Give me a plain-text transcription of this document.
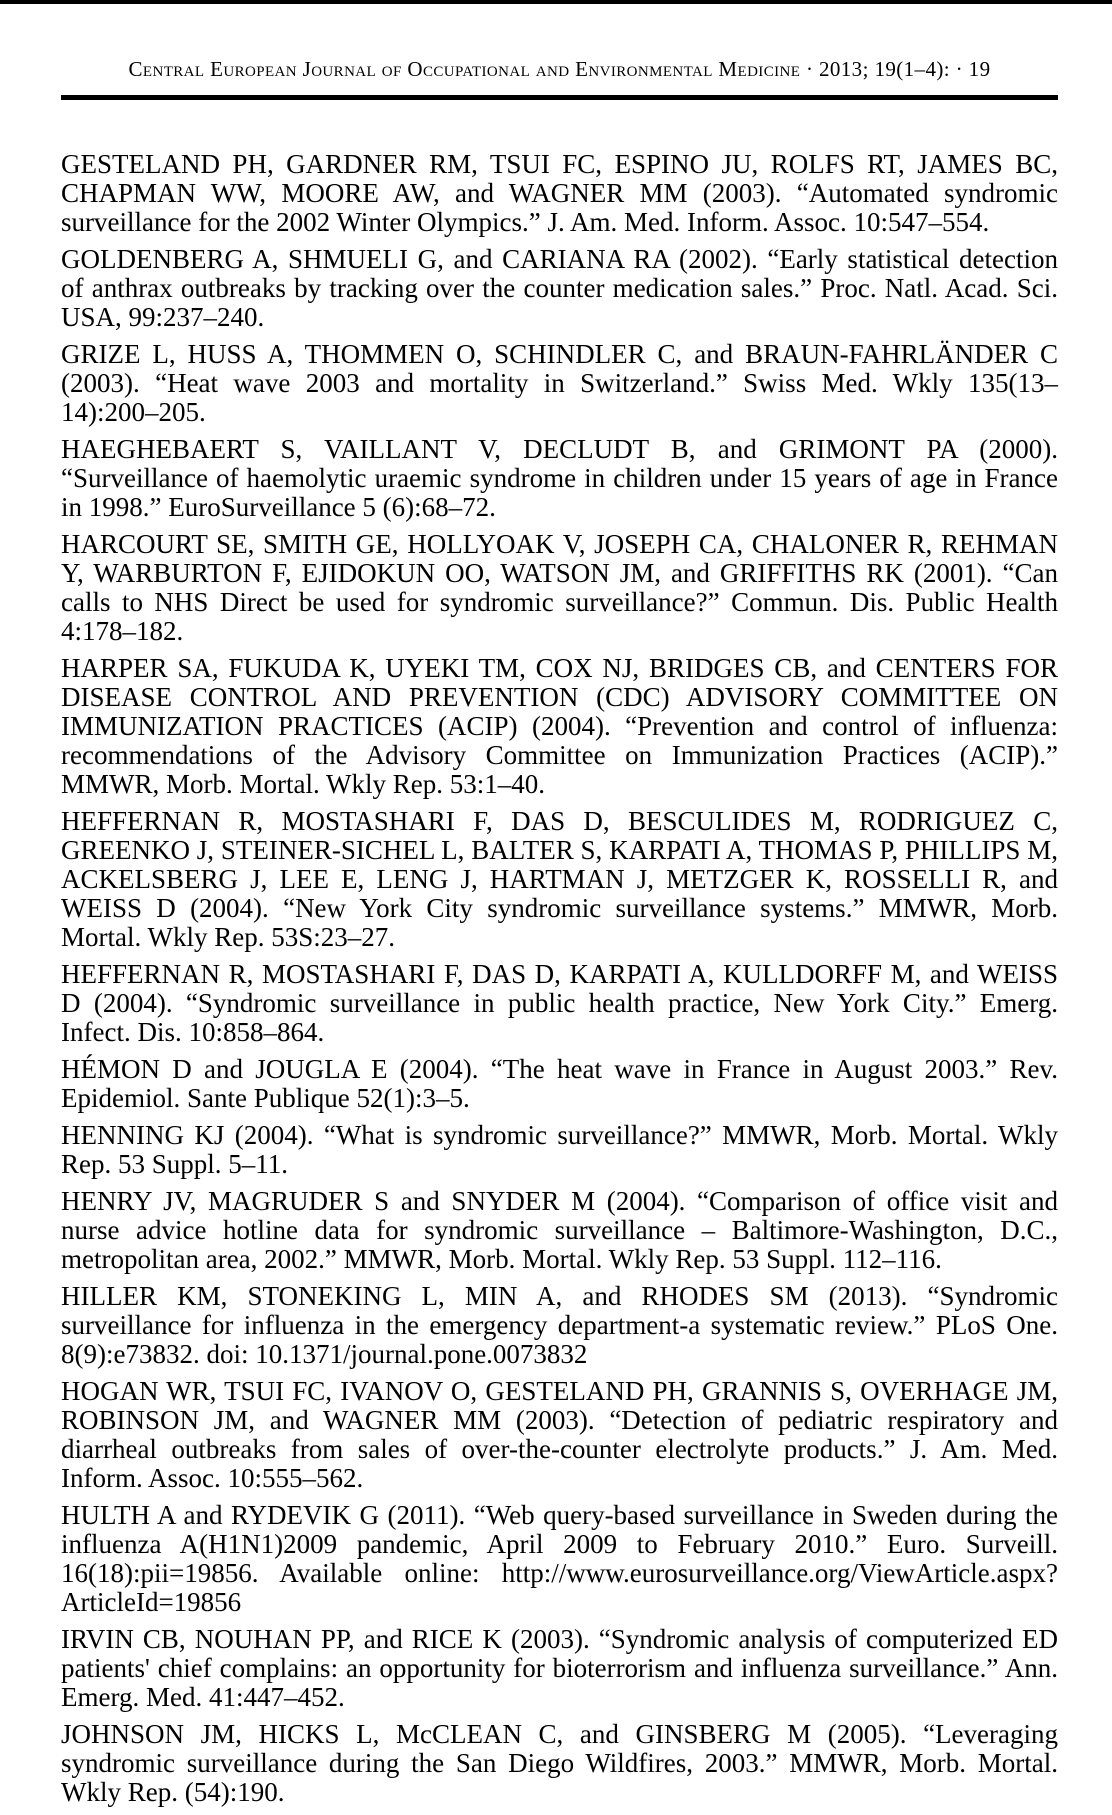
Central European Journal of Occupational and Environmental Medicine · 2013; 19(1–4): · 19

GESTELAND PH, GARDNER RM, TSUI FC, ESPINO JU, ROLFS RT, JAMES BC, CHAPMAN WW, MOORE AW, and WAGNER MM (2003). “Automated syndromic surveillance for the 2002 Winter Olympics.” J. Am. Med. Inform. Assoc. 10:547–554.

GOLDENBERG A, SHMUELI G, and CARIANA RA (2002). “Early statistical detection of anthrax outbreaks by tracking over the counter medication sales.” Proc. Natl. Acad. Sci. USA, 99:237–240.

GRIZE L, HUSS A, THOMMEN O, SCHINDLER C, and BRAUN-FAHRLÄNDER C (2003). “Heat wave 2003 and mortality in Switzerland.” Swiss Med. Wkly 135(13–14):200–205.

HAEGHEBAERT S, VAILLANT V, DECLUDT B, and GRIMONT PA (2000). “Surveillance of haemolytic uraemic syndrome in children under 15 years of age in France in 1998.” EuroSurveillance 5 (6):68–72.

HARCOURT SE, SMITH GE, HOLLYOAK V, JOSEPH CA, CHALONER R, REHMAN Y, WARBURTON F, EJIDOKUN OO, WATSON JM, and GRIFFITHS RK (2001). “Can calls to NHS Direct be used for syndromic surveillance?” Commun. Dis. Public Health 4:178–182.

HARPER SA, FUKUDA K, UYEKI TM, COX NJ, BRIDGES CB, and CENTERS FOR DISEASE CONTROL AND PREVENTION (CDC) ADVISORY COMMITTEE ON IMMUNIZATION PRACTICES (ACIP) (2004). “Prevention and control of influenza: recommendations of the Advisory Committee on Immunization Practices (ACIP).” MMWR, Morb. Mortal. Wkly Rep. 53:1–40.

HEFFERNAN R, MOSTASHARI F, DAS D, BESCULIDES M, RODRIGUEZ C, GREENKO J, STEINER-SICHEL L, BALTER S, KARPATI A, THOMAS P, PHILLIPS M, ACKELSBERG J, LEE E, LENG J, HARTMAN J, METZGER K, ROSSELLI R, and WEISS D (2004). “New York City syndromic surveillance systems.” MMWR, Morb. Mortal. Wkly Rep. 53S:23–27.

HEFFERNAN R, MOSTASHARI F, DAS D, KARPATI A, KULLDORFF M, and WEISS D (2004). “Syndromic surveillance in public health practice, New York City.” Emerg. Infect. Dis. 10:858–864.

HÉMON D and JOUGLA E (2004). “The heat wave in France in August 2003.” Rev. Epidemiol. Sante Publique 52(1):3–5.

HENNING KJ (2004). “What is syndromic surveillance?” MMWR, Morb. Mortal. Wkly Rep. 53 Suppl. 5–11.

HENRY JV, MAGRUDER S and SNYDER M (2004). “Comparison of office visit and nurse advice hotline data for syndromic surveillance – Baltimore-Washington, D.C., metropolitan area, 2002.” MMWR, Morb. Mortal. Wkly Rep. 53 Suppl. 112–116.

HILLER KM, STONEKING L, MIN A, and RHODES SM (2013). “Syndromic surveillance for influenza in the emergency department-a systematic review.” PLoS One. 8(9):e73832. doi: 10.1371/journal.pone.0073832

HOGAN WR, TSUI FC, IVANOV O, GESTELAND PH, GRANNIS S, OVERHAGE JM, ROBINSON JM, and WAGNER MM (2003). “Detection of pediatric respiratory and diarrheal outbreaks from sales of over-the-counter electrolyte products.” J. Am. Med. Inform. Assoc. 10:555–562.

HULTH A and RYDEVIK G (2011). “Web query-based surveillance in Sweden during the influenza A(H1N1)2009 pandemic, April 2009 to February 2010.” Euro. Surveill. 16(18):pii=19856. Available online: http://www.eurosurveillance.org/ViewArticle.aspx?ArticleId=19856

IRVIN CB, NOUHAN PP, and RICE K (2003). “Syndromic analysis of computerized ED patients' chief complains: an opportunity for bioterrorism and influenza surveillance.” Ann. Emerg. Med. 41:447–452.

JOHNSON JM, HICKS L, McCLEAN C, and GINSBERG M (2005). “Leveraging syndromic surveillance during the San Diego Wildfires, 2003.” MMWR, Morb. Mortal. Wkly Rep. (54):190.
